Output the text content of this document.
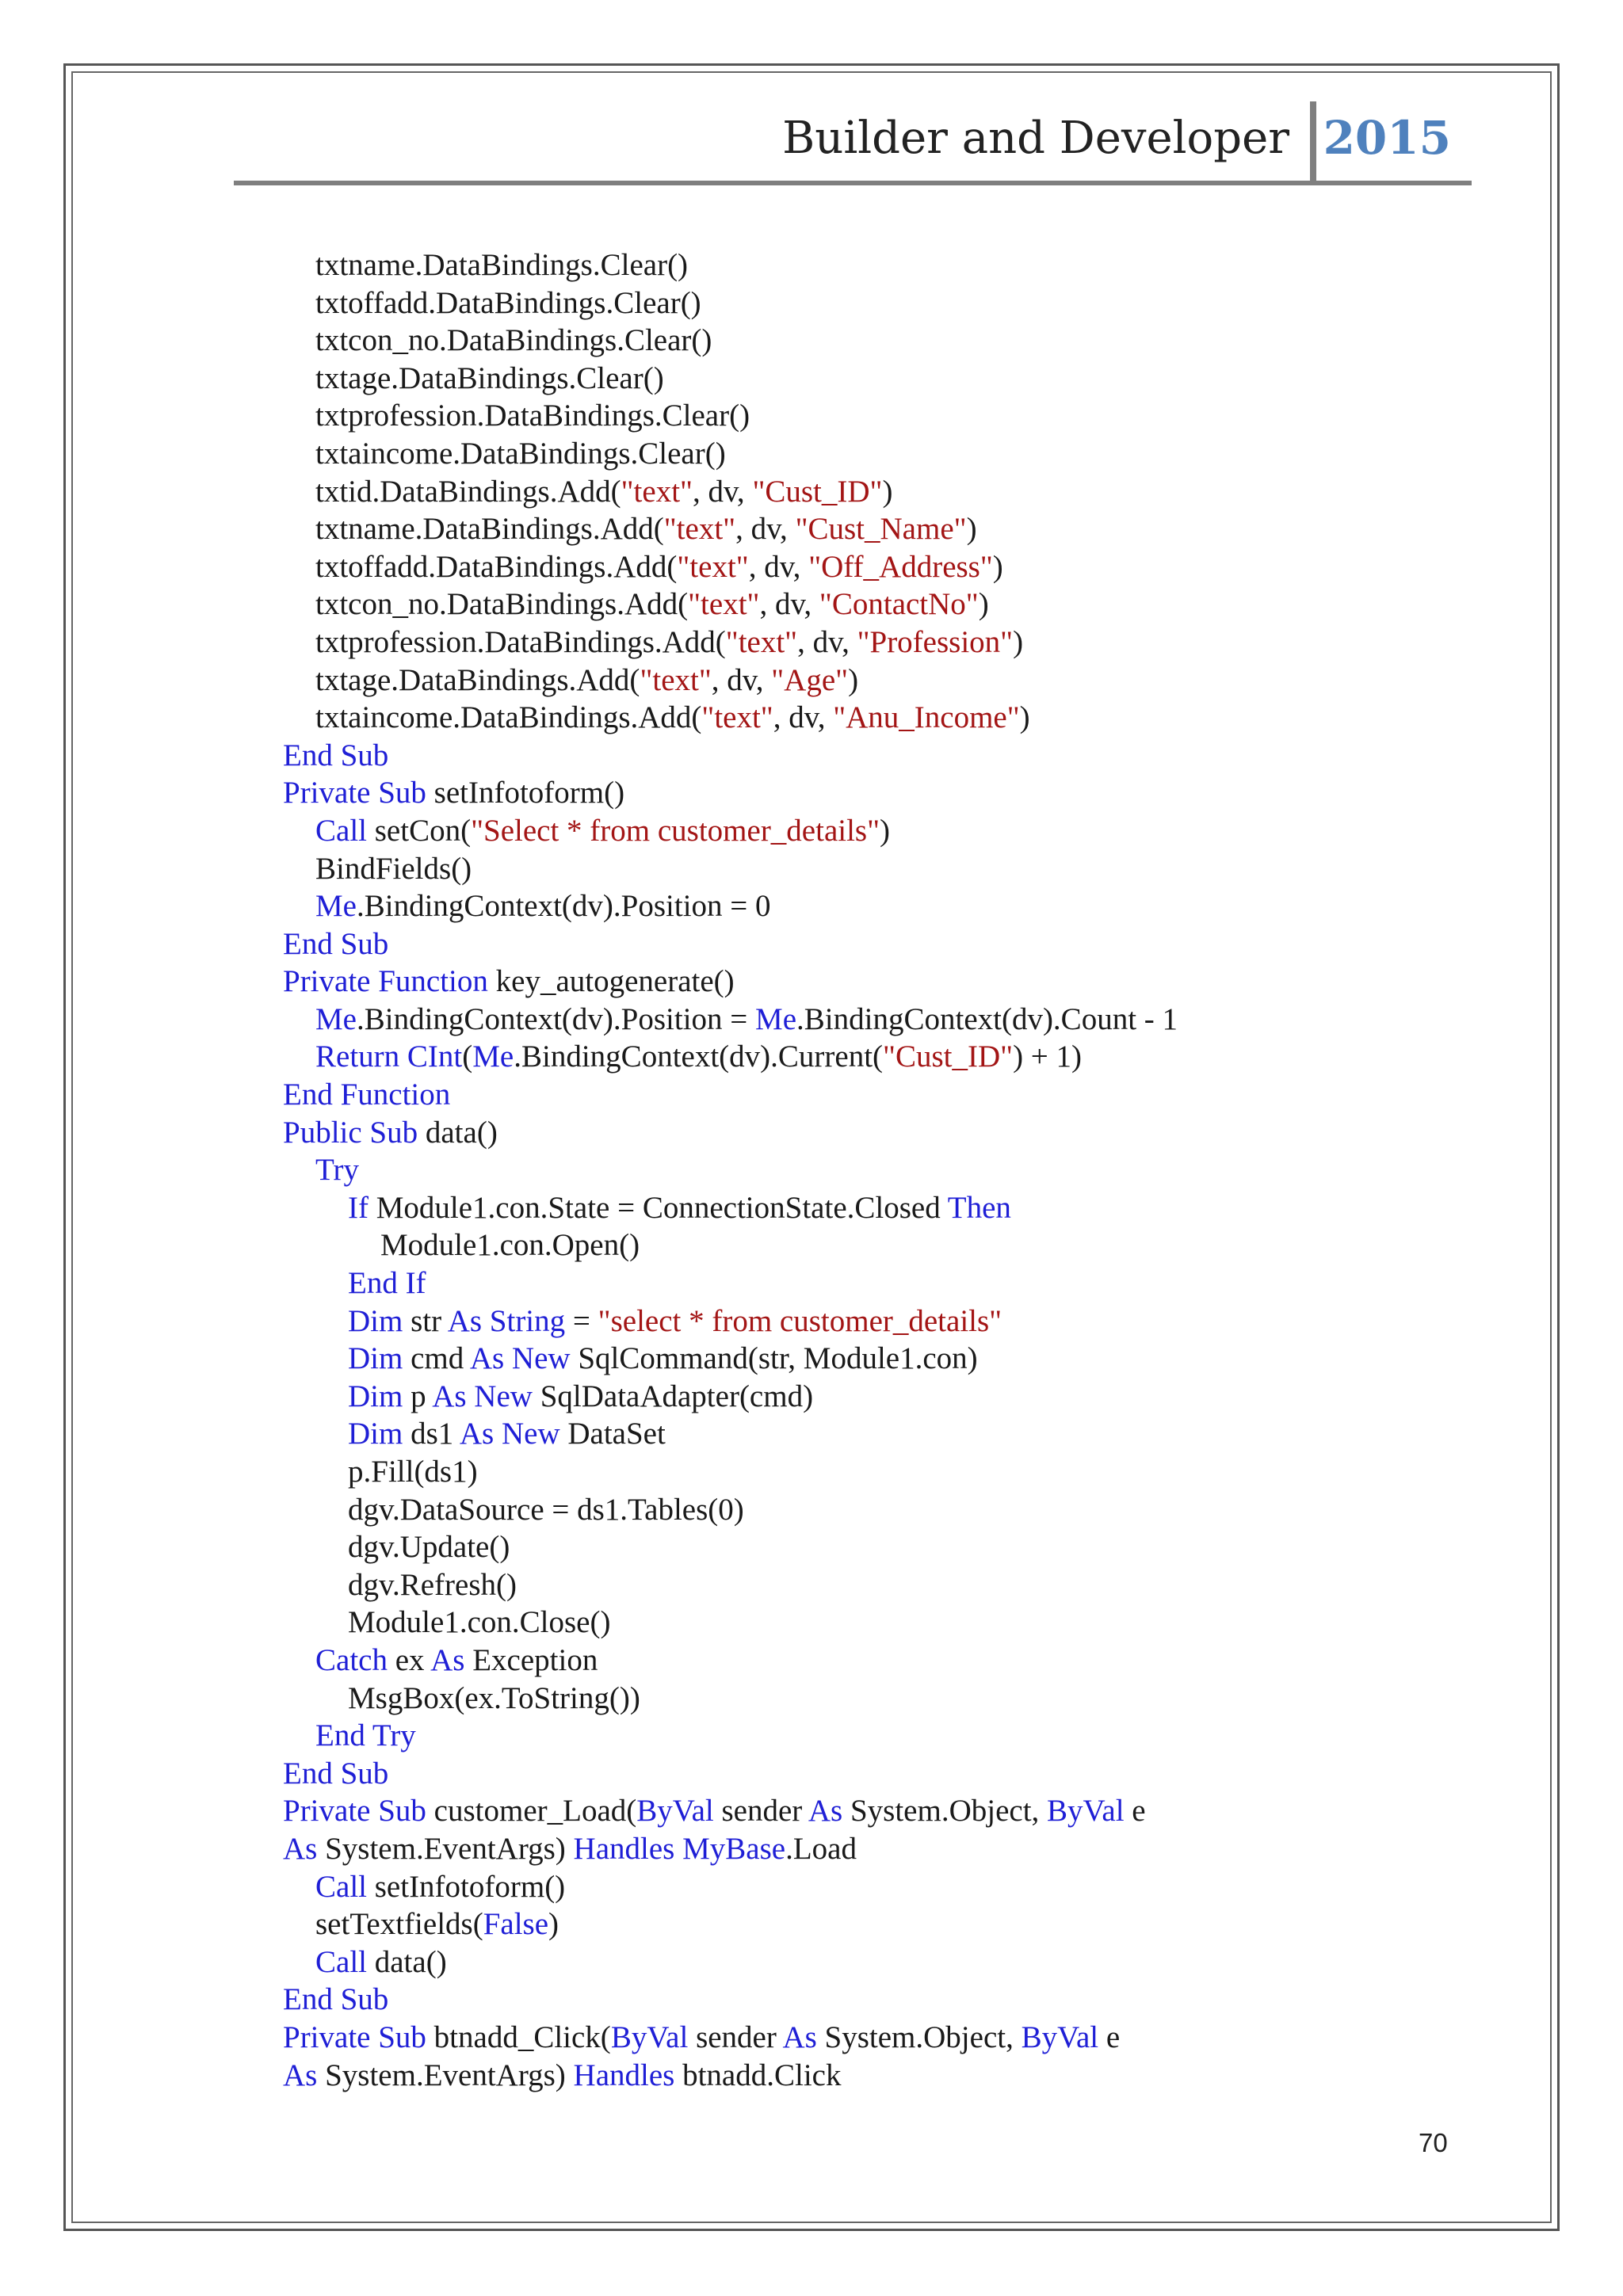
Builder and Developer 2015
txtname.DataBindings.Clear()
txtoffadd.DataBindings.Clear()
txtcon_no.DataBindings.Clear()
txtage.DataBindings.Clear()
txtprofession.DataBindings.Clear()
txtaincome.DataBindings.Clear()
txtid.DataBindings.Add("text", dv, "Cust_ID")
txtname.DataBindings.Add("text", dv, "Cust_Name")
txtoffadd.DataBindings.Add("text", dv, "Off_Address")
txtcon_no.DataBindings.Add("text", dv, "ContactNo")
txtprofession.DataBindings.Add("text", dv, "Profession")
txtage.DataBindings.Add("text", dv, "Age")
txtaincome.DataBindings.Add("text", dv, "Anu_Income")
End Sub
Private Sub setInfotoform()
Call setCon("Select * from customer_details")
BindFields()
Me.BindingContext(dv).Position = 0
End Sub
Private Function key_autogenerate()
Me.BindingContext(dv).Position = Me.BindingContext(dv).Count - 1
Return CInt(Me.BindingContext(dv).Current("Cust_ID") + 1)
End Function
Public Sub data()
Try
If Module1.con.State = ConnectionState.Closed Then
Module1.con.Open()
End If
Dim str As String = "select * from customer_details"
Dim cmd As New SqlCommand(str, Module1.con)
Dim p As New SqlDataAdapter(cmd)
Dim ds1 As New DataSet
p.Fill(ds1)
dgv.DataSource = ds1.Tables(0)
dgv.Update()
dgv.Refresh()
Module1.con.Close()
Catch ex As Exception
MsgBox(ex.ToString())
End Try
End Sub
Private Sub customer_Load(ByVal sender As System.Object, ByVal e
As System.EventArgs) Handles MyBase.Load
Call setInfotoform()
setTextfields(False)
Call data()
End Sub
Private Sub btnadd_Click(ByVal sender As System.Object, ByVal e
As System.EventArgs) Handles btnadd.Click
70
